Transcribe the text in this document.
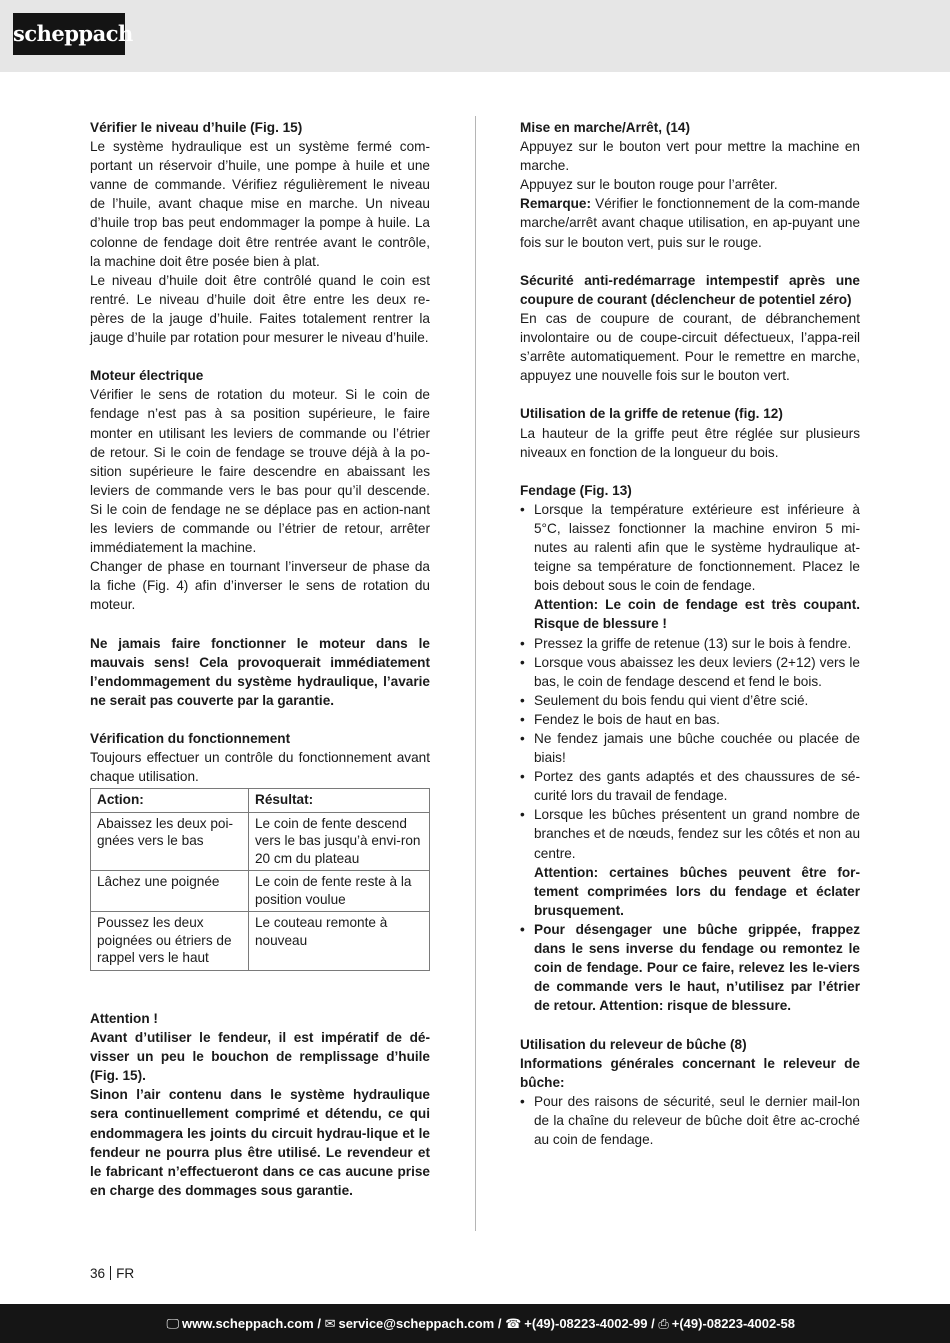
scheppach

Vérifier le niveau d’huile (Fig. 15)

Le système hydraulique est un système fermé com-portant un réservoir d’huile, une pompe à huile et une vanne de commande. Vérifiez régulièrement le niveau de l’huile, avant chaque mise en marche. Un niveau d’huile trop bas peut endommager la pompe à huile. La colonne de fendage doit être rentrée avant le contrôle, la machine doit être posée bien à plat.

Le niveau d’huile doit être contrôlé quand le coin est rentré. Le niveau d’huile doit être entre les deux re-pères de la jauge d’huile. Faites totalement rentrer la jauge d’huile par rotation pour mesurer le niveau d’huile.

Moteur électrique

Vérifier le sens de rotation du moteur. Si le coin de fendage n’est pas à sa position supérieure, le faire monter en utilisant les leviers de commande ou l’étrier de retour. Si le coin de fendage se trouve déjà à la po-sition supérieure le faire descendre en abaissant les leviers de commande vers le bas pour qu’il descende. Si le coin de fendage ne se déplace pas en action-nant les leviers de commande ou l’étrier de retour, arrêter immédiatement la machine.

Changer de phase en tournant l’inverseur de phase da la fiche (Fig. 4) afin d’inverser le sens de rotation du moteur.

Ne jamais faire fonctionner le moteur dans le mauvais sens! Cela provoquerait immédiatement l’endommagement du système hydraulique, l’avarie ne serait pas couverte par la garantie.

Vérification du fonctionnement

Toujours effectuer un contrôle du fonctionnement avant chaque utilisation.

Action:	Résultat:
Abaissez les deux poi-gnées vers le bas	Le coin de fente descend vers le bas jusqu’à envi-ron 20 cm du plateau
Lâchez une poignée	Le coin de fente reste à la position voulue
Poussez les deux poignées ou étriers de rappel vers le haut	Le couteau remonte à nouveau

Attention !

Avant d’utiliser le fendeur, il est impératif de dé-visser un peu le bouchon de remplissage d’huile (Fig. 15).

Sinon l’air contenu dans le système hydraulique sera continuellement comprimé et détendu, ce qui endommagera les joints du circuit hydrau-lique et le fendeur ne pourra plus être utilisé. Le revendeur et le fabricant n’effectueront dans ce cas aucune prise en charge des dommages sous garantie.

Mise en marche/Arrêt, (14)

Appuyez sur le bouton vert pour mettre la machine en marche.

Appuyez sur le bouton rouge pour l’arrêter.

Remarque: Vérifier le fonctionnement de la com-mande marche/arrêt avant chaque utilisation, en ap-puyant une fois sur le bouton vert, puis sur le rouge.

Sécurité anti-redémarrage intempestif après une coupure de courant (déclencheur de potentiel zéro)

En cas de coupure de courant, de débranchement involontaire ou de coupe-circuit défectueux, l’appa-reil s’arrête automatiquement. Pour le remettre en marche, appuyez une nouvelle fois sur le bouton vert.

Utilisation de la griffe de retenue (fig. 12)

La hauteur de la griffe peut être réglée sur plusieurs niveaux en fonction de la longueur du bois.

Fendage (Fig. 13)

• Lorsque la température extérieure est inférieure à 5°C, laissez fonctionner la machine environ 5 mi-nutes au ralenti afin que le système hydraulique at-teigne sa température de fonctionnement. Placez le bois debout sous le coin de fendage.
Attention: Le coin de fendage est très coupant. Risque de blessure !
• Pressez la griffe de retenue (13) sur le bois à fendre.
• Lorsque vous abaissez les deux leviers (2+12) vers le bas, le coin de fendage descend et fend le bois.
• Seulement du bois fendu qui vient d’être scié.
• Fendez le bois de haut en bas.
• Ne fendez jamais une bûche couchée ou placée de biais!
• Portez des gants adaptés et des chaussures de sé-curité lors du travail de fendage.
• Lorsque les bûches présentent un grand nombre de branches et de nœuds, fendez sur les côtés et non au centre.
Attention: certaines bûches peuvent être for-tement comprimées lors du fendage et éclater brusquement.
• Pour désengager une bûche grippée, frappez dans le sens inverse du fendage ou remontez le coin de fendage. Pour ce faire, relevez les le-viers de commande vers le haut, n’utilisez par l’étrier de retour. Attention: risque de blessure.

Utilisation du releveur de bûche (8)

Informations générales concernant le releveur de bûche:

• Pour des raisons de sécurité, seul le dernier mail-lon de la chaîne du releveur de bûche doit être ac-croché au coin de fendage.
36 FR
🖵 www.scheppach.com / ✉ service@scheppach.com / ☎ +(49)-08223-4002-99 / ⎙ +(49)-08223-4002-58
